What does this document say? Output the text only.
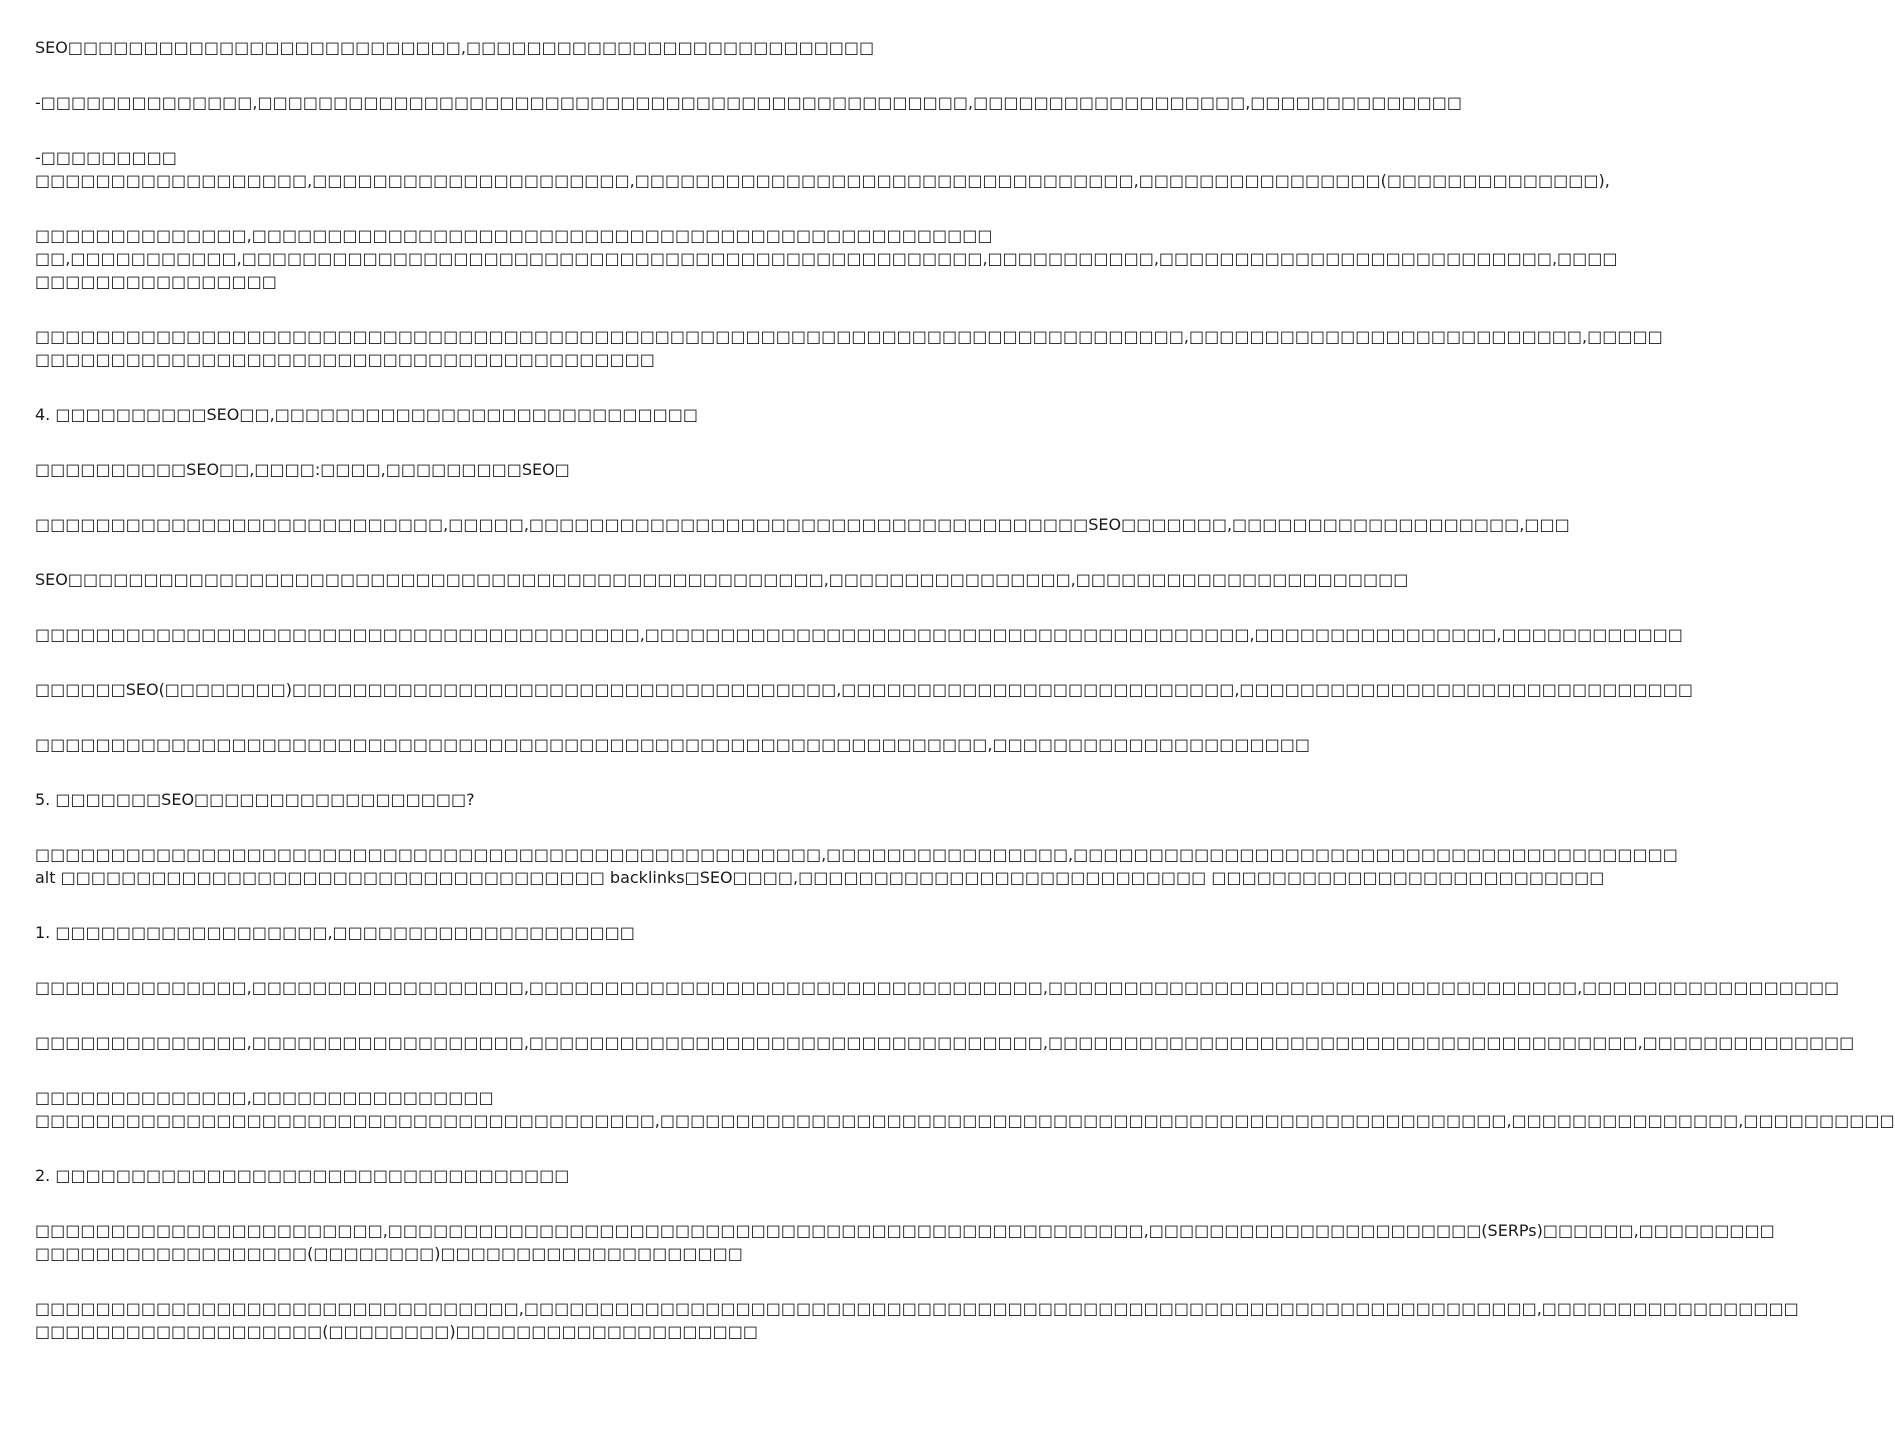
SEO□□□□□□□□□□□□□□□□□□□□□□□□□□,□□□□□□□□□□□□□□□□□□□□□□□□□□□
-□□□□□□□□□□□□□□,□□□□□□□□□□□□□□□□□□□□□□□□□□□□□□□□□□□□□□□□□□□□□□□,□□□□□□□□□□□□□□□□□□,□□□□□□□□□□□□□□
-□□□□□□□□□
□□□□□□□□□□□□□□□□□□,□□□□□□□□□□□□□□□□□□□□□,□□□□□□□□□□□□□□□□□□□□□□□□□□□□□□□□□,□□□□□□□□□□□□□□□□(□□□□□□□□□□□□□□),
□□□□□□□□□□□□□□,□□□□□□□□□□□□□□□□□□□□□□□□□□□□□□□□□□□□□□□□□□□□□□□□□
□□,□□□□□□□□□□□,□□□□□□□□□□□□□□□□□□□□□□□□□□□□□□□□□□□□□□□□□□□□□□□□□,□□□□□□□□□□□,□□□□□□□□□□□□□□□□□□□□□□□□□□,□□□□
□□□□□□□□□□□□□□□□
□□□□□□□□□□□□□□□□□□□□□□□□□□□□□□□□□□□□□□□□□□□□□□□□□□□□□□□□□□□□□□□□□□□□□□□□□□□□,□□□□□□□□□□□□□□□□□□□□□□□□□□,□□□□□
□□□□□□□□□□□□□□□□□□□□□□□□□□□□□□□□□□□□□□□□□
4. □□□□□□□□□□SEO□□,□□□□□□□□□□□□□□□□□□□□□□□□□□□□
□□□□□□□□□□SEO□□,□□□□:□□□□,□□□□□□□□□SEO□
□□□□□□□□□□□□□□□□□□□□□□□□□□□,□□□□□,□□□□□□□□□□□□□□□□□□□□□□□□□□□□□□□□□□□□□SEO□□□□□□□,□□□□□□□□□□□□□□□□□□□,□□□
SEO□□□□□□□□□□□□□□□□□□□□□□□□□□□□□□□□□□□□□□□□□□□□□□□□□□,□□□□□□□□□□□□□□□□,□□□□□□□□□□□□□□□□□□□□□□
□□□□□□□□□□□□□□□□□□□□□□□□□□□□□□□□□□□□□□□□,□□□□□□□□□□□□□□□□□□□□□□□□□□□□□□□□□□□□□□□□,□□□□□□□□□□□□□□□□,□□□□□□□□□□□□
□□□□□□SEO(□□□□□□□□)□□□□□□□□□□□□□□□□□□□□□□□□□□□□□□□□□□□□,□□□□□□□□□□□□□□□□□□□□□□□□□□,□□□□□□□□□□□□□□□□□□□□□□□□□□□□□□
□□□□□□□□□□□□□□□□□□□□□□□□□□□□□□□□□□□□□□□□□□□□□□□□□□□□□□□□□□□□□□□,□□□□□□□□□□□□□□□□□□□□□
5. □□□□□□□SEO□□□□□□□□□□□□□□□□□□?
□□□□□□□□□□□□□□□□□□□□□□□□□□□□□□□□□□□□□□□□□□□□□□□□□□□□,□□□□□□□□□□□□□□□□,□□□□□□□□□□□□□□□□□□□□□□□□□□□□□□□□□□□□□□□□
alt □□□□□□□□□□□□□□□□□□□□□□□□□□□□□□□□□□□□ backlinks□SEO□□□□,□□□□□□□□□□□□□□□□□□□□□□□□□□□ □□□□□□□□□□□□□□□□□□□□□□□□□□
1. □□□□□□□□□□□□□□□□□□,□□□□□□□□□□□□□□□□□□□□
□□□□□□□□□□□□□□,□□□□□□□□□□□□□□□□□□,□□□□□□□□□□□□□□□□□□□□□□□□□□□□□□□□□□,□□□□□□□□□□□□□□□□□□□□□□□□□□□□□□□□□□□,□□□□□□□□□□□□□□□□□
□□□□□□□□□□□□□□,□□□□□□□□□□□□□□□□□□,□□□□□□□□□□□□□□□□□□□□□□□□□□□□□□□□□□,□□□□□□□□□□□□□□□□□□□□□□□□□□□□□□□□□□□□□□□,□□□□□□□□□□□□□□
□□□□□□□□□□□□□□,□□□□□□□□□□□□□□□□
□□□□□□□□□□□□□□□□□□□□□□□□□□□□□□□□□□□□□□□□□,□□□□□□□□□□□□□□□□□□□□□□□□□□□□□□□□□□□□□□□□□□□□□□□□□□□□□□□□,□□□□□□□□□□□□□□□,□□□□□□□□□□
2. □□□□□□□□□□□□□□□□□□□□□□□□□□□□□□□□□□
□□□□□□□□□□□□□□□□□□□□□□□,□□□□□□□□□□□□□□□□□□□□□□□□□□□□□□□□□□□□□□□□□□□□□□□□□□,□□□□□□□□□□□□□□□□□□□□□□(SERPs)□□□□□□,□□□□□□□□□
□□□□□□□□□□□□□□□□□□(□□□□□□□□)□□□□□□□□□□□□□□□□□□□□
□□□□□□□□□□□□□□□□□□□□□□□□□□□□□□□□,□□□□□□□□□□□□□□□□□□□□□□□□□□□□□□□□□□□□□□□□□□□□□□□□□□□□□□□□□□□□□□□□□□□,□□□□□□□□□□□□□□□□□
□□□□□□□□□□□□□□□□□□□(□□□□□□□□)□□□□□□□□□□□□□□□□□□□□
